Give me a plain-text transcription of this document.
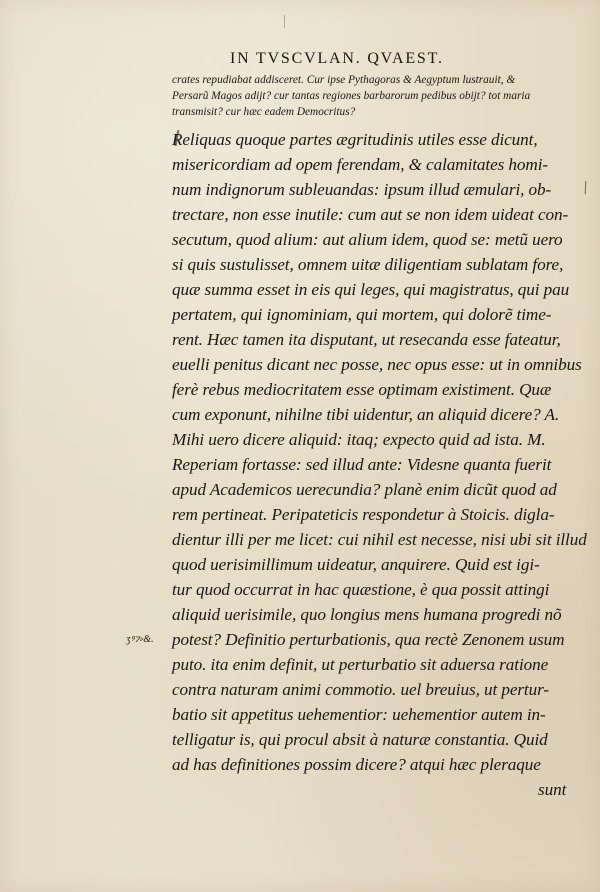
IN TVSCVLAN. QVAEST.
crates repudiabat addisceret. Cur ipse Pythagoras & Aegyptum lustrauit, &
Persarũ Magos adijt? cur tantas regiones barbarorum pedibus obijt? tot maria
transmisit? cur hæc eadem Democritus?
Reliquas quoque partes ægritudinis utiles esse dicunt,
misericordiam ad opem ferendam, & calamitates homi-
num indignorum subleuandas: ipsum illud æmulari, ob-
trectare, non esse inutile: cum aut se non idem uideat con-
secutum, quod alium: aut alium idem, quod se: metũ uero
si quis sustulisset, omnem uitæ diligentiam sublatam fore,
quæ summa esset in eis qui leges, qui magistratus, qui pau
pertatem, qui ignominiam, qui mortem, qui dolorẽ time-
rent. Hæc tamen ita disputant, ut resecanda esse fateatur,
euelli penitus dicant nec posse, nec opus esse: ut in omnibus
ferè rebus mediocritatem esse optimam existiment. Quæ
cum exponunt, nihilne tibi uidentur, an aliquid dicere? A.
Mihi uero dicere aliquid: itaq; expecto quid ad ista. M.
Reperiam fortasse: sed illud ante: Videsne quanta fuerit
apud Academicos uerecundia? planè enim dicũt quod ad
rem pertineat. Peripateticis respondetur à Stoicis. digla-
dientur illi per me licet: cui nihil est necesse, nisi ubi sit illud
quod uerisimillimum uideatur, anquirere. Quid est igi-
tur quod occurrat in hac quæstione, è qua possit attingi
aliquid uerisimile, quo longius mens humana progredi nõ
potest? Definitio perturbationis, qua rectè Zenonem usum
puto. ita enim definit, ut perturbatio sit aduersa ratione
contra naturam animi commotio. uel breuius, ut pertur-
batio sit appetitus uehementior: uehementior autem in-
telligatur is, qui procul absit à naturæ constantia. Quid
ad has definitiones possim dicere? atqui hæc pleraque
sunt
ʒꝰ⁊⸗&.
